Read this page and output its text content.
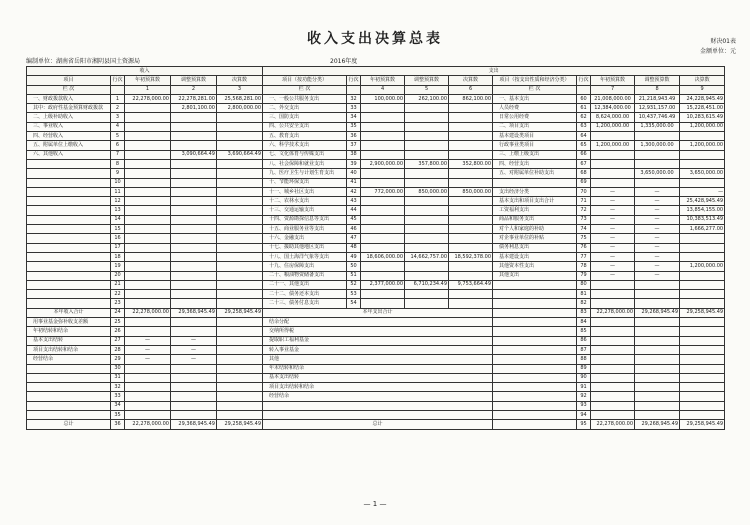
收入支出决算总表	财决01表
金额单位：元
编制单位：湖南省岳阳市湘阴县国土资源局	2016年度
收入					支出									
项目	行次	年初预算数	调整预算数	决算数	项目（按功能分类）	行次	年初预算数	调整预算数	决算数	项目（按支出性质和经济分类）	行次	年初预算数	调整预算数	决算数
栏 次		1	2	3	栏 次		4	5	6	栏 次		7	8	9
一、财政拨款收入	1	22,278,000.00	22,278,281.00	25,568,281.00	一、一般公共服务支出	32	100,000.00	262,100.00	862,100.00	一、基本支出	60	21,008,000.00	21,218,943.49	24,228,945.49
其中：政府性基金预算财政拨款	2		2,801,100.00	2,800,000.00	二、外交支出	33				人员经费	61	12,384,000.00	12,931,157.00	15,228,451.00
二、上级补助收入	3				三、国防支出	34				日常公用经费	62	8,624,000.00	10,437,746.49	10,283,615.49
三、事业收入	4				四、公共安全支出	35				二、项目支出	63	1,200,000.00	1,335,000.00	1,200,000.00
四、经营收入	5				五、教育支出	36				基本建设类项目	64			
五、附属单位上缴收入	6				六、科学技术支出	37				行政事业类项目	65	1,200,000.00	1,300,000.00	1,200,000.00
六、其他收入	7		3,090,664.49	3,690,664.49	七、文化体育与传媒支出	38				三、上缴上级支出	66			
	8				八、社会保障和就业支出	39	2,900,000.00	357,800.00	352,800.00	四、经营支出	67			
	9				九、医疗卫生与计划生育支出	40				五、对附属单位补助支出	68		3,650,000.00	3,650,000.00
	10				十、节能环保支出	41					69			
	11				十一、城乡社区支出	42	772,000.00	850,000.00	850,000.00	支出经济分类	70	—	—	—
	12				十二、农林水支出	43				基本支出和项目支出合计	71	—	—	25,428,945.49
	13				十三、交通运输支出	44				工资福利支出	72	—	—	13,854,155.00
	14				十四、资源勘探信息等支出	45				商品和服务支出	73	—	—	10,383,513.49
	15				十五、商业服务业等支出	46				对个人和家庭的补助	74	—	—	1,666,277.00
	16				十六、金融支出	47				对企事业单位的补贴	75	—	—	
	17				十七、援助其他地区支出	48				债务利息支出	76	—	—	
	18				十八、国土海洋气象等支出	49	18,606,000.00	14,662,757.00	18,592,378.00	基本建设支出	77	—	—	
	19				十九、住房保障支出	50				其他资本性支出	78	—	—	1,200,000.00
	20				二十、粮油物资储备支出	51				其他支出	79	—	—	
	21				二十一、其他支出	52	2,377,000.00	6,710,234.49	9,753,664.49		80			
	22				二十二、债务还本支出	53					81			
	23				二十三、债务付息支出	54					82			
本年收入合计	24	22,278,000.00	29,368,945.49	29,258,945.49	本年支出合计						83	22,278,000.00	29,268,945.49	29,258,945.49
用事业基金弥补收支差额	25				结余分配						84			
年初结转和结余	26				交纳所得税						85			
基本支出结转	27	—	—		提取职工福利基金						86			
项目支出结转和结余	28	—	—		转入事业基金						87			
经营结余	29	—	—		其他						88			
	30				年末结转和结余						89			
	31				基本支出结转						90			
	32				项目支出结转和结余						91			
	33				经营结余						92			
	34										93			
	35										94			
总计	36	22,278,000.00	29,368,945.49	29,258,945.49	总计						95	22,278,000.00	29,268,945.49	29,258,945.49
— 1 —
